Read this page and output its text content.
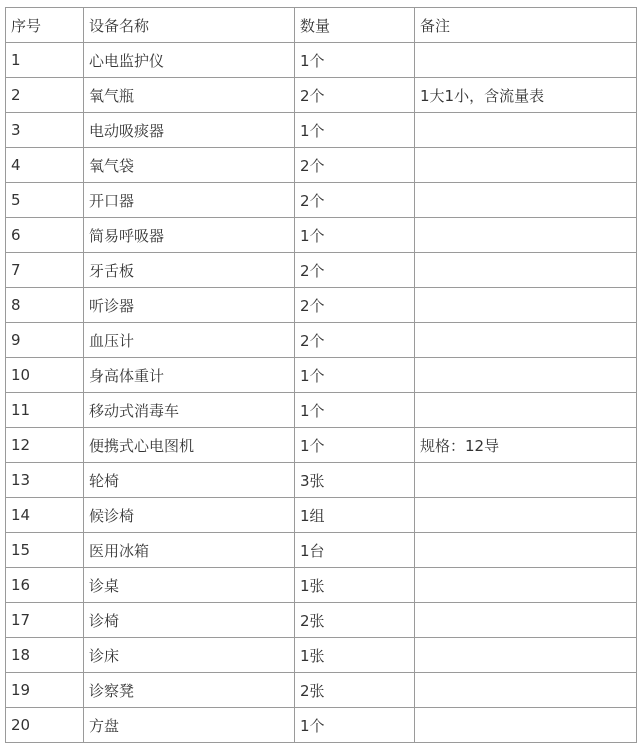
序号	设备名称	数量	备注
1	心电监护仪	1个	
2	氧气瓶	2个	1大1小，含流量表
3	电动吸痰器	1个	
4	氧气袋	2个	
5	开口器	2个	
6	简易呼吸器	1个	
7	牙舌板	2个	
8	听诊器	2个	
9	血压计	2个	
10	身高体重计	1个	
11	移动式消毒车	1个	
12	便携式心电图机	1个	规格：12导
13	轮椅	3张	
14	候诊椅	1组	
15	医用冰箱	1台	
16	诊桌	1张	
17	诊椅	2张	
18	诊床	1张	
19	诊察凳	2张	
20	方盘	1个	
